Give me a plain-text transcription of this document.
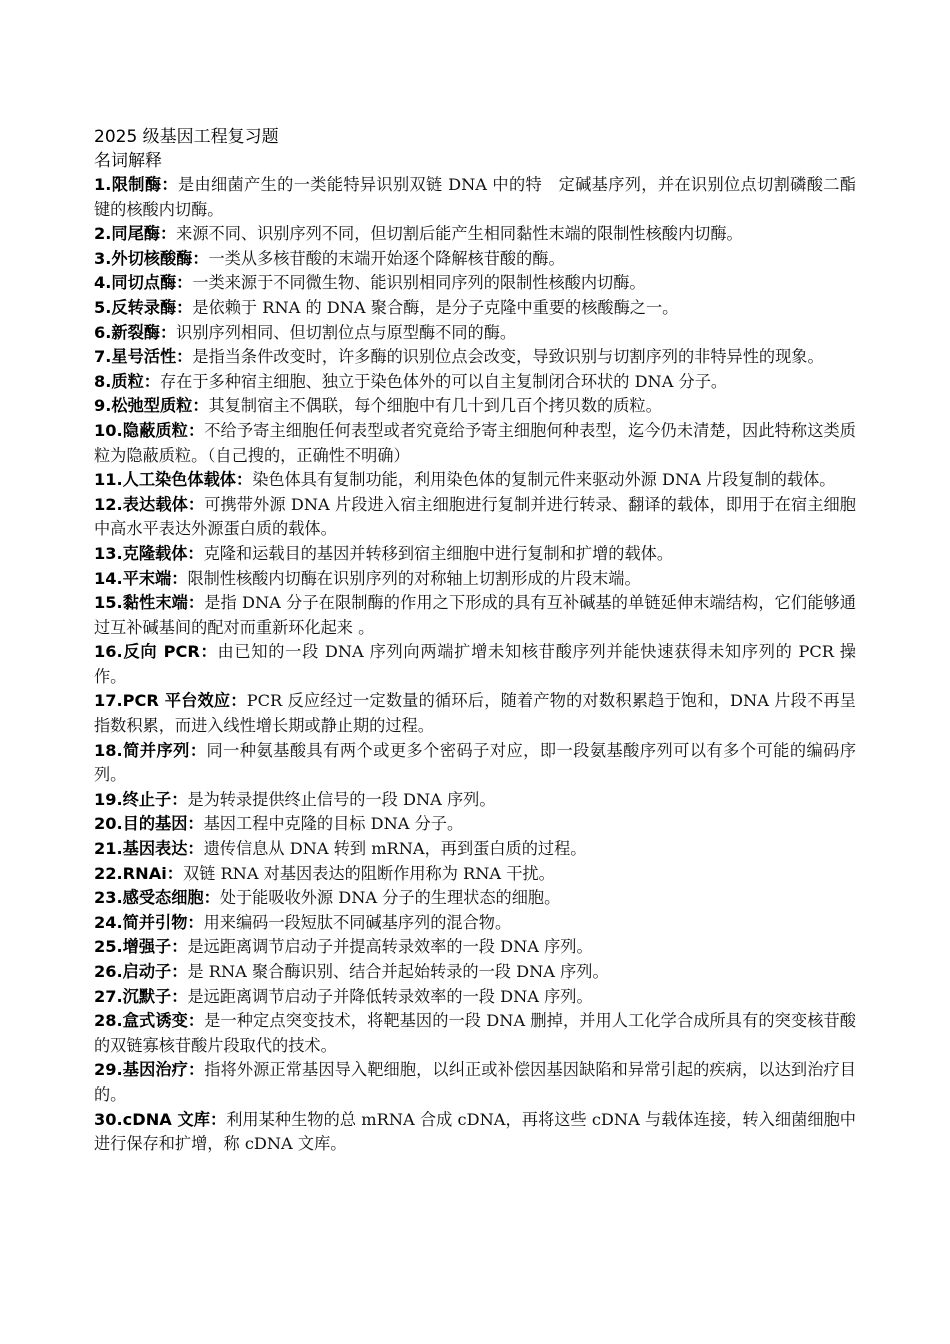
2025 级基因工程复习题
名词解释

1.限制酶：是由细菌产生的一类能特异识别双链 DNA 中的特　定碱基序列，并在识别位点切割磷酸二酯键的核酸内切酶。

2.同尾酶：来源不同、识别序列不同，但切割后能产生相同黏性末端的限制性核酸内切酶。

3.外切核酸酶：一类从多核苷酸的末端开始逐个降解核苷酸的酶。

4.同切点酶：一类来源于不同微生物、能识别相同序列的限制性核酸内切酶。

5.反转录酶：是依赖于 RNA 的 DNA 聚合酶，是分子克隆中重要的核酸酶之一。

6.新裂酶：识别序列相同、但切割位点与原型酶不同的酶。

7.星号活性：是指当条件改变时，许多酶的识别位点会改变，导致识别与切割序列的非特异性的现象。

8.质粒：存在于多种宿主细胞、独立于染色体外的可以自主复制闭合环状的 DNA 分子。

9.松弛型质粒：其复制宿主不偶联，每个细胞中有几十到几百个拷贝数的质粒。

10.隐蔽质粒：不给予寄主细胞任何表型或者究竟给予寄主细胞何种表型，迄今仍未清楚，因此特称这类质粒为隐蔽质粒。（自己搜的，正确性不明确）

11.人工染色体载体：染色体具有复制功能，利用染色体的复制元件来驱动外源 DNA 片段复制的载体。

12.表达载体：可携带外源 DNA 片段进入宿主细胞进行复制并进行转录、翻译的载体，即用于在宿主细胞中高水平表达外源蛋白质的载体。

13.克隆载体：克隆和运载目的基因并转移到宿主细胞中进行复制和扩增的载体。

14.平末端：限制性核酸内切酶在识别序列的对称轴上切割形成的片段末端。

15.黏性末端：是指 DNA 分子在限制酶的作用之下形成的具有互补碱基的单链延伸末端结构，它们能够通过互补碱基间的配对而重新环化起来 。

16.反向 PCR：由已知的一段 DNA 序列向两端扩增未知核苷酸序列并能快速获得未知序列的 PCR 操作。

17.PCR 平台效应：PCR 反应经过一定数量的循环后，随着产物的对数积累趋于饱和，DNA 片段不再呈指数积累，而进入线性增长期或静止期的过程。

18.简并序列：同一种氨基酸具有两个或更多个密码子对应，即一段氨基酸序列可以有多个可能的编码序列。

19.终止子：是为转录提供终止信号的一段 DNA 序列。

20.目的基因：基因工程中克隆的目标 DNA 分子。

21.基因表达：遗传信息从 DNA 转到 mRNA，再到蛋白质的过程。

22.RNAi：双链 RNA 对基因表达的阻断作用称为 RNA 干扰。

23.感受态细胞：处于能吸收外源 DNA 分子的生理状态的细胞。

24.简并引物：用来编码一段短肽不同碱基序列的混合物。

25.增强子：是远距离调节启动子并提高转录效率的一段 DNA 序列。

26.启动子：是 RNA 聚合酶识别、结合并起始转录的一段 DNA 序列。

27.沉默子：是远距离调节启动子并降低转录效率的一段 DNA 序列。

28.盒式诱变：是一种定点突变技术，将靶基因的一段 DNA 删掉，并用人工化学合成所具有的突变核苷酸的双链寡核苷酸片段取代的技术。

29.基因治疗：指将外源正常基因导入靶细胞，以纠正或补偿因基因缺陷和异常引起的疾病，以达到治疗目的。

30.cDNA 文库：利用某种生物的总 mRNA 合成 cDNA，再将这些 cDNA 与载体连接，转入细菌细胞中进行保存和扩增，称 cDNA 文库。
